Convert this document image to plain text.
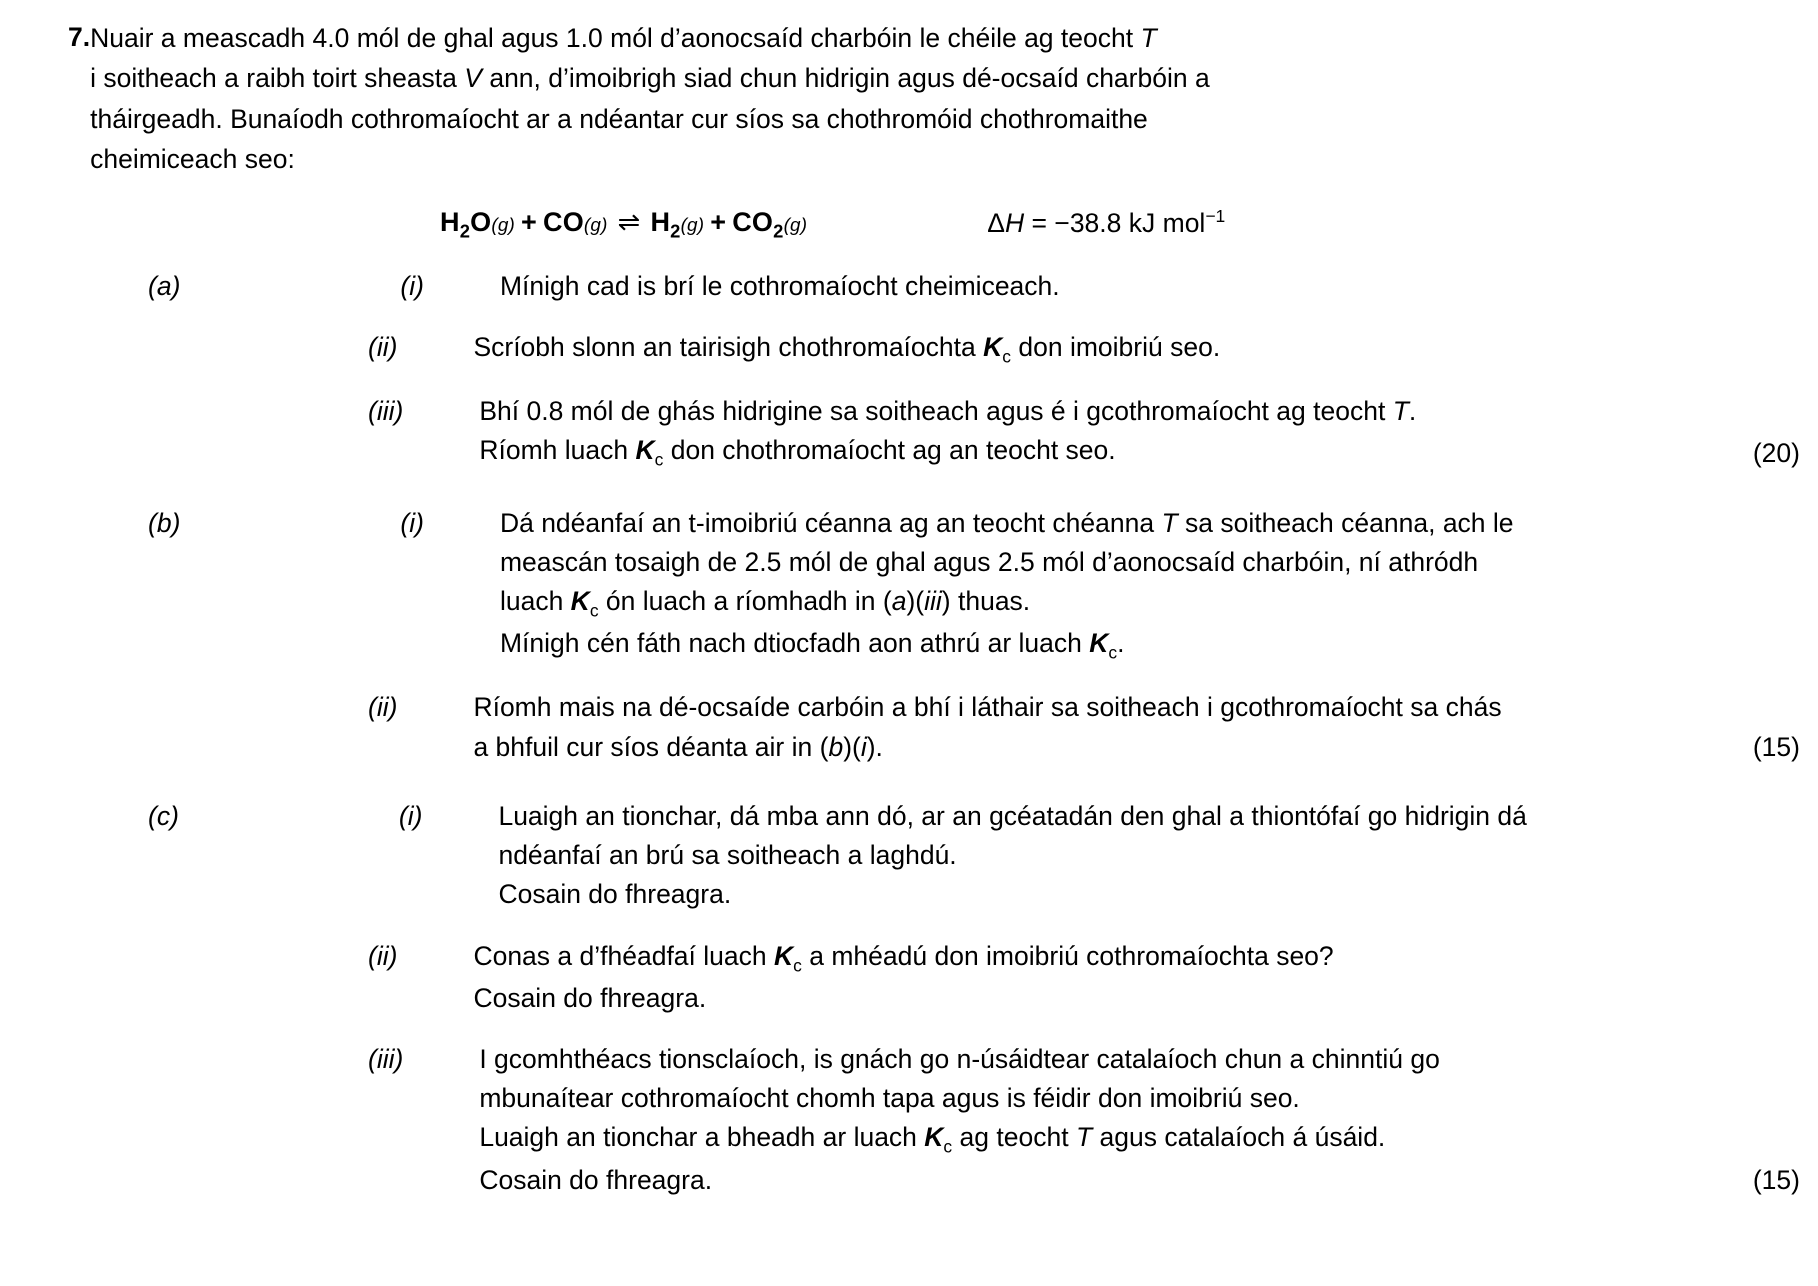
7. Nuair a meascadh 4.0 mól de ghal agus 1.0 mól d’aonocsaíd charbóin le chéile ag teocht T
i soitheach a raibh toirt sheasta V ann, d’imoibrigh siad chun hidrigin agus dé-ocsaíd charbóin a
tháirgeadh. Bunaíodh cothromaíocht ar a ndéantar cur síos sa chothromóid chothromaithe
cheimiceach seo:
$H_2O(g) + CO(g)$ ⇌ $H_2(g) + CO_2(g)$	ΔH = −38.8 kJ mol$^{-1}$
(a)	(i)	Mínigh cad is brí le cothromaíocht cheimiceach.
(ii)	Scríobh slonn an tairisigh chothromaíochta $K_c$ don imoibriú seo.
(iii)	Bhí 0.8 mól de ghás hidrigine sa soitheach agus é i gcothromaíocht ag teocht T.
Ríomh luach $K_c$ don chothromaíocht ag an teocht seo.	(20)
(b)	(i)	Dá ndéanfaí an t-imoibriú céanna ag an teocht chéanna T sa soitheach céanna, ach le
meascán tosaigh de 2.5 mól de ghal agus 2.5 mól d’aonocsaíd charbóin, ní athródh
luach $K_c$ ón luach a ríomhadh in (a)(iii) thuas.
Mínigh cén fáth nach dtiocfadh aon athrú ar luach $K_c$.
(ii)	Ríomh mais na dé-ocsaíde carbóin a bhí i láthair sa soitheach i gcothromaíocht sa chás
a bhfuil cur síos déanta air in (b)(i).	(15)
(c)	(i)	Luaigh an tionchar, dá mba ann dó, ar an gcéatadán den ghal a thiontófaí go hidrigin dá
ndéanfaí an brú sa soitheach a laghdú.
Cosain do fhreagra.
(ii)	Conas a d’fhéadfaí luach $K_c$ a mhéadú don imoibriú cothromaíochta seo?
Cosain do fhreagra.
(iii)	I gcomhthéacs tionsclaíoch, is gnách go n-úsáidtear catalaíoch chun a chinntiú go
mbunaítear cothromaíocht chomh tapa agus is féidir don imoibriú seo.
Luaigh an tionchar a bheadh ar luach $K_c$ ag teocht T agus catalaíoch á úsáid.
Cosain do fhreagra.	(15)
